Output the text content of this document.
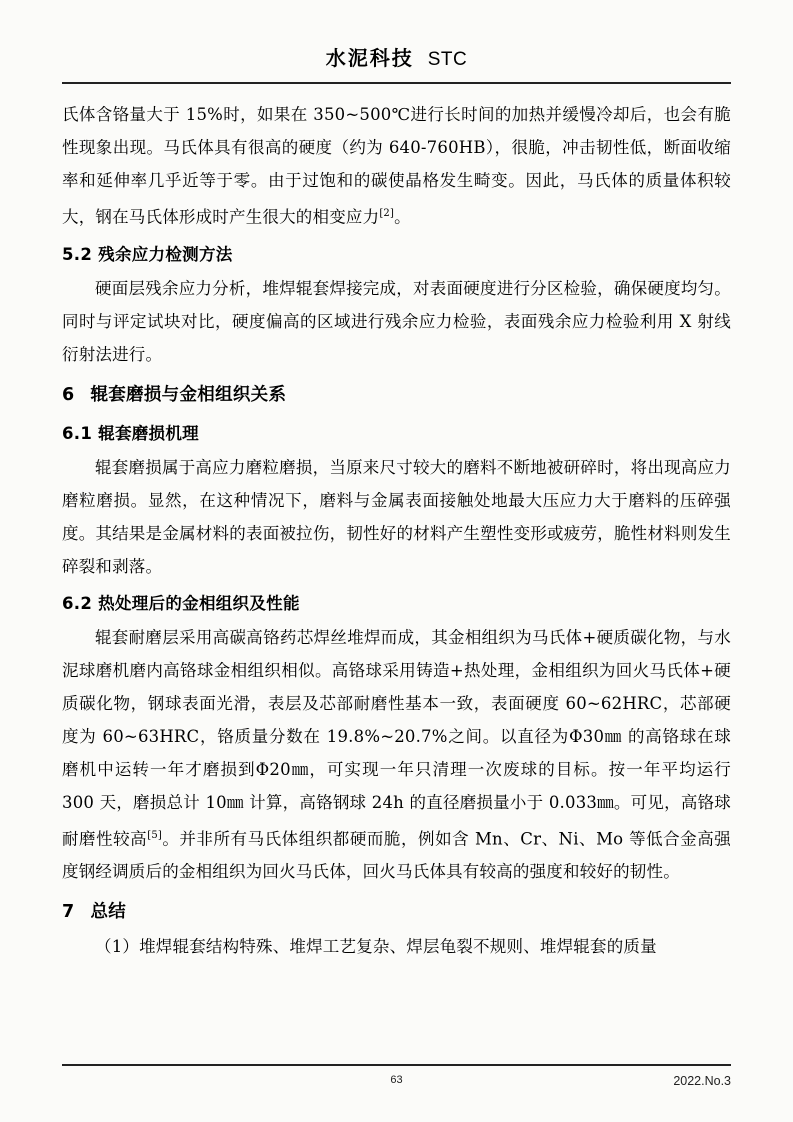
水泥科技 STC

氏体含铬量大于 15%时，如果在 350~500℃进行长时间的加热并缓慢冷却后，也会有脆性现象出现。马氏体具有很高的硬度（约为 640-760HB），很脆，冲击韧性低，断面收缩率和延伸率几乎近等于零。由于过饱和的碳使晶格发生畸变。因此，马氏体的质量体积较大，钢在马氏体形成时产生很大的相变应力[2]。

5.2 残余应力检测方法

硬面层残余应力分析，堆焊辊套焊接完成，对表面硬度进行分区检验，确保硬度均匀。同时与评定试块对比，硬度偏高的区域进行残余应力检验，表面残余应力检验利用 X 射线衍射法进行。

6 辊套磨损与金相组织关系
6.1 辊套磨损机理

辊套磨损属于高应力磨粒磨损，当原来尺寸较大的磨料不断地被研碎时，将出现高应力磨粒磨损。显然，在这种情况下，磨料与金属表面接触处地最大压应力大于磨料的压碎强度。其结果是金属材料的表面被拉伤，韧性好的材料产生塑性变形或疲劳，脆性材料则发生碎裂和剥落。

6.2 热处理后的金相组织及性能

辊套耐磨层采用高碳高铬药芯焊丝堆焊而成，其金相组织为马氏体+硬质碳化物，与水泥球磨机磨内高铬球金相组织相似。高铬球采用铸造+热处理，金相组织为回火马氏体+硬质碳化物，钢球表面光滑，表层及芯部耐磨性基本一致，表面硬度 60~62HRC，芯部硬度为 60~63HRC，铬质量分数在 19.8%~20.7%之间。以直径为Φ30㎜ 的高铬球在球磨机中运转一年才磨损到Φ20㎜，可实现一年只清理一次废球的目标。按一年平均运行 300 天，磨损总计 10㎜ 计算，高铬钢球 24h 的直径磨损量小于 0.033㎜。可见，高铬球耐磨性较高[5]。并非所有马氏体组织都硬而脆，例如含 Mn、Cr、Ni、Mo 等低合金高强度钢经调质后的金相组织为回火马氏体，回火马氏体具有较高的强度和较好的韧性。

7 总结

（1）堆焊辊套结构特殊、堆焊工艺复杂、焊层龟裂不规则、堆焊辊套的质量

63	2022.No.3
